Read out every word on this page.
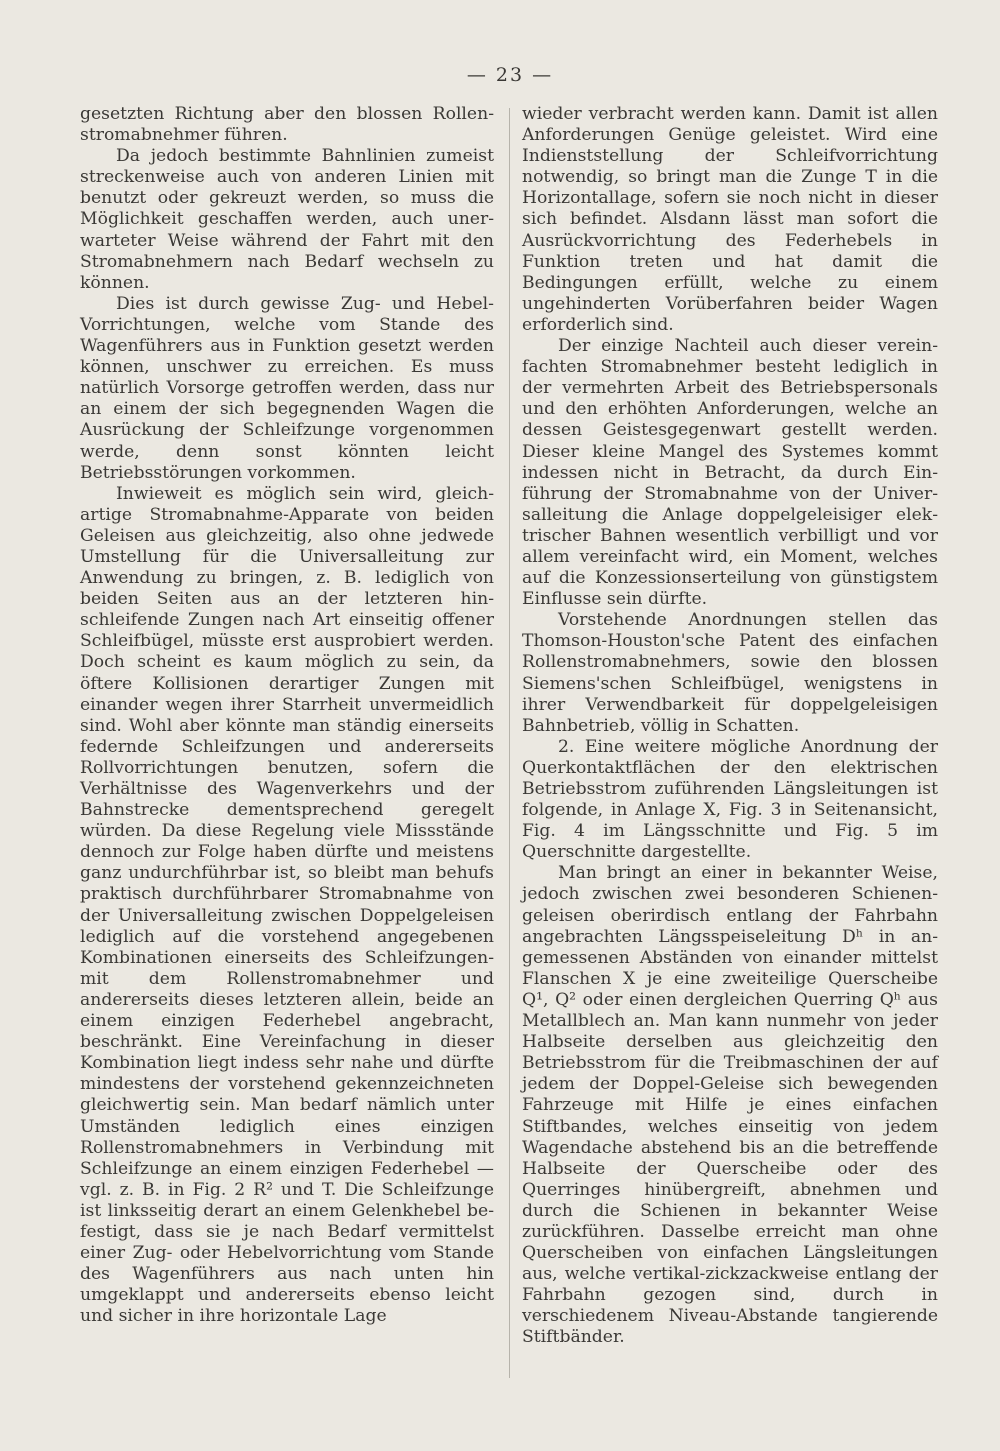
— 23 —

gesetzten Richtung aber den blossen Rollenstromabnehmer führen.

Da jedoch bestimmte Bahnlinien zumeist streckenweise auch von anderen Linien mit benutzt oder gekreuzt werden, so muss die Möglichkeit geschaffen werden, auch unerwarteter Weise während der Fahrt mit den Stromabnehmern nach Bedarf wechseln zu können.

Dies ist durch gewisse Zug- und Hebel-Vorrichtungen, welche vom Stande des Wagenführers aus in Funktion gesetzt werden können, unschwer zu erreichen. Es muss natürlich Vorsorge getroffen werden, dass nur an einem der sich begegnenden Wagen die Ausrückung der Schleifzunge vorgenommen werde, denn sonst könnten leicht Betriebsstörungen vorkommen.

Inwieweit es möglich sein wird, gleichartige Stromabnahme-Apparate von beiden Geleisen aus gleichzeitig, also ohne jedwede Umstellung für die Universalleitung zur Anwendung zu bringen, z. B. lediglich von beiden Seiten aus an der letzteren hinschleifende Zungen nach Art einseitig offener Schleifbügel, müsste erst ausprobiert werden. Doch scheint es kaum möglich zu sein, da öftere Kollisionen derartiger Zungen mit einander wegen ihrer Starrheit unvermeidlich sind. Wohl aber könnte man ständig einerseits federnde Schleifzungen und andererseits Rollvorrichtungen benutzen, sofern die Verhältnisse des Wagenverkehrs und der Bahnstrecke dementsprechend geregelt würden. Da diese Regelung viele Missstände dennoch zur Folge haben dürfte und meistens ganz undurchführbar ist, so bleibt man behufs praktisch durchführbarer Stromabnahme von der Universalleitung zwischen Doppelgeleisen lediglich auf die vorstehend angegebenen Kombinationen einerseits des Schleifzungen- mit dem Rollenstromabnehmer und andererseits dieses letzteren allein, beide an einem einzigen Federhebel angebracht, beschränkt. Eine Vereinfachung in dieser Kombination liegt indess sehr nahe und dürfte mindestens der vorstehend gekennzeichneten gleichwertig sein. Man bedarf nämlich unter Umständen lediglich eines einzigen Rollenstromabnehmers in Verbindung mit Schleifzunge an einem einzigen Federhebel — vgl. z. B. in Fig. 2 R² und T. Die Schleifzunge ist linksseitig derart an einem Gelenkhebel befestigt, dass sie je nach Bedarf vermittelst einer Zug- oder Hebelvorrichtung vom Stande des Wagenführers aus nach unten hin umgeklappt und andererseits ebenso leicht und sicher in ihre horizontale Lage

wieder verbracht werden kann. Damit ist allen Anforderungen Genüge geleistet. Wird eine Indienststellung der Schleifvorrichtung notwendig, so bringt man die Zunge T in die Horizontallage, sofern sie noch nicht in dieser sich befindet. Alsdann lässt man sofort die Ausrückvorrichtung des Federhebels in Funktion treten und hat damit die Bedingungen erfüllt, welche zu einem ungehinderten Vorüberfahren beider Wagen erforderlich sind.

Der einzige Nachteil auch dieser vereinfachten Stromabnehmer besteht lediglich in der vermehrten Arbeit des Betriebspersonals und den erhöhten Anforderungen, welche an dessen Geistesgegenwart gestellt werden. Dieser kleine Mangel des Systemes kommt indessen nicht in Betracht, da durch Einführung der Stromabnahme von der Universalleitung die Anlage doppelgeleisiger elektrischer Bahnen wesentlich verbilligt und vor allem vereinfacht wird, ein Moment, welches auf die Konzessionserteilung von günstigstem Einflusse sein dürfte.

Vorstehende Anordnungen stellen das Thomson-Houston'sche Patent des einfachen Rollenstromabnehmers, sowie den blossen Siemens'schen Schleifbügel, wenigstens in ihrer Verwendbarkeit für doppelgeleisigen Bahnbetrieb, völlig in Schatten.

2. Eine weitere mögliche Anordnung der Querkontaktflächen der den elektrischen Betriebsstrom zuführenden Längsleitungen ist folgende, in Anlage X, Fig. 3 in Seitenansicht, Fig. 4 im Längsschnitte und Fig. 5 im Querschnitte dargestellte.

Man bringt an einer in bekannter Weise, jedoch zwischen zwei besonderen Schienengeleisen oberirdisch entlang der Fahrbahn angebrachten Längsspeiseleitung Dʰ in angemessenen Abständen von einander mittelst Flanschen X je eine zweiteilige Querscheibe Q¹, Q² oder einen dergleichen Querring Qʰ aus Metallblech an. Man kann nunmehr von jeder Halbseite derselben aus gleichzeitig den Betriebsstrom für die Treibmaschinen der auf jedem der Doppel-Geleise sich bewegenden Fahrzeuge mit Hilfe je eines einfachen Stiftbandes, welches einseitig von jedem Wagendache abstehend bis an die betreffende Halbseite der Querscheibe oder des Querringes hinübergreift, abnehmen und durch die Schienen in bekannter Weise zurückführen. Dasselbe erreicht man ohne Querscheiben von einfachen Längsleitungen aus, welche vertikal-zickzackweise entlang der Fahrbahn gezogen sind, durch in verschiedenem Niveau-Abstande tangierende Stiftbänder.
